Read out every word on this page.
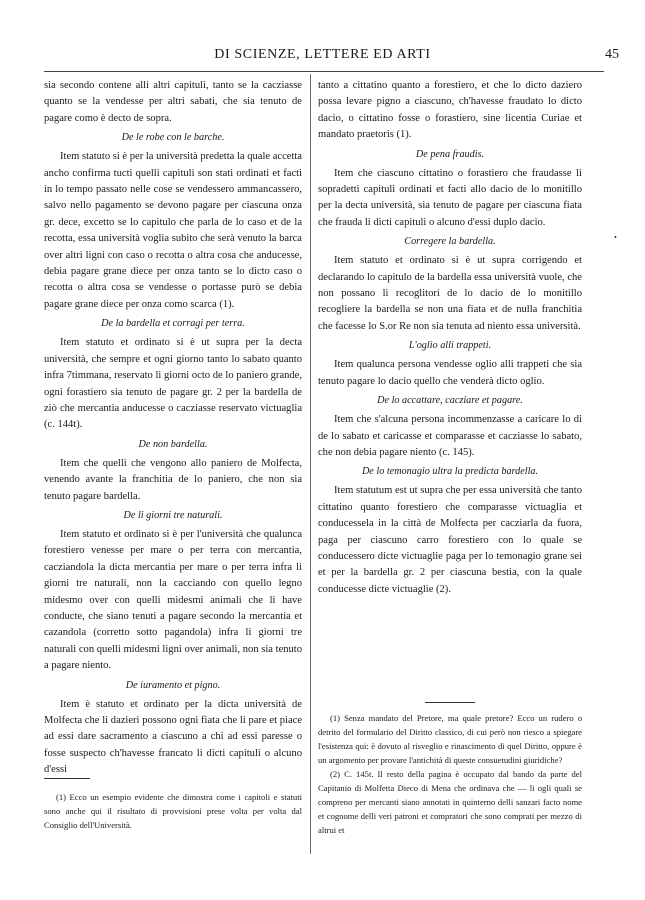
DI SCIENZE, LETTERE ED ARTI	45

sia secondo contene alli altri capituli, tanto se la cacziasse quanto se la vendesse per altri sabati, che sia tenuto de pagare como è decto de sopra.

De le robe con le barche.

Item statuto si è per la università predetta la quale accetta ancho confirma tucti quelli capituli son stati ordinati et facti in lo tempo passato nelle cose se vendessero ammancassero, salvo nello pagamento se devono pagare per ciascuna onza gr. dece, excetto se lo capitulo che parla de lo caso et de la recotta, essa università voglia subito che serà venuto la barca over altri ligni con caso o recotta o altra cosa che anducesse, debia pagare grane diece per onza tanto se lo dicto caso o recotta o altra cosa se vendesse o portasse purò se debia pagare grane diece per onza como scarca (1).

De la bardella et corragi per terra.

Item statuto et ordinato si è ut supra per la decta università, che sempre et ogni giorno tanto lo sabato quanto infra 7timmana, reservato li giorni octo de lo paniero grande, ogni forastiero sia tenuto de pagare gr. 2 per la bardella de ziò che mercantia anducesse o cacziasse reservato victuaglia (c. 144t).

De non bardella.

Item che quelli che vengono allo paniero de Molfecta, venendo avante la franchitia de lo paniero, che non sia tenuto pagare bardella.

De li giorni tre naturali.

Item statuto et ordinato si è per l'università che qualunca forestiero venesse per mare o per terra con mercantia, cacziandola la dicta mercantia per mare o per terra infra li giorni tre naturali, non la cacciando con quello legno midesmo over con quelli midesmi animali che li have conducte, che siano tenuti a pagare secondo la mercantia et cazandola (corretto sotto pagandola) infra li giorni tre naturali con quelli midesmi ligni over animali, non sia tenuto a pagare niento.

De iuramento et pigno.

Item è statuto et ordinato per la dicta università de Molfecta che li dazieri possono ogni fiata che li pare et piace ad essi dare sacramento a ciascuno a chi ad essi paresse o fosse suspecto ch'havesse francato li dicti capituli o alcuno d'essi

(1) Ecco un esempio evidente che dimostra come i capitoli e statuti sono anche qui il risultato di provvisioni prese volta per volta dal Consiglio dell'Università.

tanto a cittatino quanto a forestiero, et che lo dicto daziero possa levare pigno a ciascuno, ch'havesse fraudato lo dicto dacio, o cittatino fosse o forastiero, sine licentia Curiae et mandato praetoris (1).

De pena fraudis.

Item che ciascuno cittatino o forastiero che fraudasse li sopradetti capituli ordinati et facti allo dacio de lo monitillo per la decta università, sia tenuto de pagare per ciascuna fiata che frauda li dicti capituli o alcuno d'essi duplo dacio.

Corregere la bardella.

Item statuto et ordinato si è ut supra corrigendo et declarando lo capitulo de la bardella essa università vuole, che non possano li recoglitori de lo dacio de lo monitillo recogliere la bardella se non una fiata et de nulla franchitia che facesse lo S.or Re non sia tenuta ad niento essa università.

L'oglio alli trappeti.

Item qualunca persona vendesse oglio alli trappeti che sia tenuto pagare lo dacio quello che venderà dicto oglio.

De lo accattare, cacziare et pagare.

Item che s'alcuna persona incommenzasse a caricare lo di de lo sabato et caricasse et comparasse et cacziasse lo sabato, che non debia pagare niento (c. 145).

De lo temonagio ultra la predicta bardella.

Item statutum est ut supra che per essa università che tanto cittatino quanto forestiero che comparasse victuaglia et conducessela in la città de Molfecta per cacziarla da fuora, paga per ciascuno carro forestiero con lo quale se conducessero dicte victuaglie paga per lo temonagio grane sei et per la bardella gr. 2 per ciascuna bestia, con la quale conducesse dicte victuaglie (2).

(1) Senza mandato del Pretore, ma quale pretore? Ecco un rudero o detrito del formulario del Diritto classico, di cui però non riesco a spiegare l'esistenza qui: è dovuto al risveglio e rinascimento di quel Diritto, oppure è un argomento per provare l'antichità di queste consuetudini giuridiche?

(2) C. 145t. Il resto della pagina è occupato dal bando da parte del Capitanio di Molfetta Dieco di Mena che ordinava che — li ogli quali se compreno per mercanti siano annotati in quinterno delli sanzari facto nome et cognome delli veri patroni et compratori che sono comprati per mezzo di altrui et

•
